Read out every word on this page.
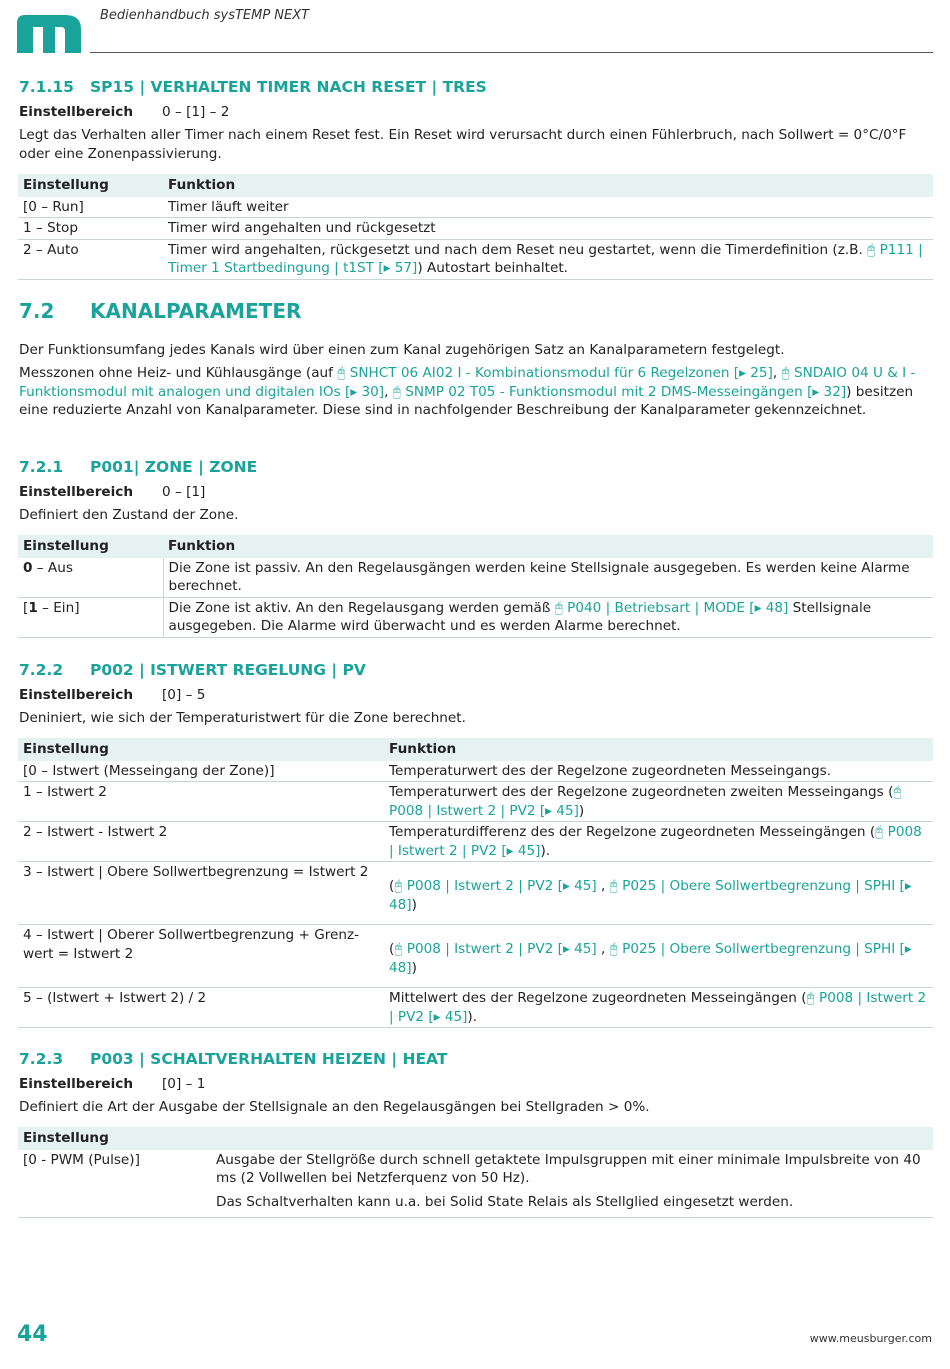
Bedienhandbuch sysTEMP NEXT
7.1.15 SP15 | VERHALTEN TIMER NACH RESET | TRES
Einstellbereich 0 – [1] – 2
Legt das Verhalten aller Timer nach einem Reset fest. Ein Reset wird verursacht durch einen Fühlerbruch, nach Sollwert = 0°C/0°F oder eine Zonenpassivierung.
Einstellung	Funktion
[0 – Run]	Timer läuft weiter
1 – Stop	Timer wird angehalten und rückgesetzt
2 – Auto	Timer wird angehalten, rückgesetzt und nach dem Reset neu gestartet, wenn die Timerdefinition (z.B. 🖰 P111 | Timer 1 Startbedingung | t1ST [▸ 57]) Autostart beinhaltet.
7.2 KANALPARAMETER
Der Funktionsumfang jedes Kanals wird über einen zum Kanal zugehörigen Satz an Kanalparametern festgelegt.
Messzonen ohne Heiz- und Kühlausgänge (auf 🖰 SNHCT 06 AI02 I - Kombinationsmodul für 6 Regelzonen [▸ 25], 🖰 SNDAIO 04 U & I - Funktionsmodul mit analogen und digitalen IOs [▸ 30], 🖰 SNMP 02 T05 - Funktionsmodul mit 2 DMS-Messeingängen [▸ 32]) besitzen eine reduzierte Anzahl von Kanalparameter. Diese sind in nachfolgender Beschreibung der Kanalparameter gekennzeichnet.
7.2.1 P001| ZONE | ZONE
Einstellbereich 0 – [1]
Definiert den Zustand der Zone.
Einstellung	Funktion
0 – Aus	Die Zone ist passiv. An den Regelausgängen werden keine Stellsignale ausgegeben. Es werden keine Alarme berechnet.
[1 – Ein]	Die Zone ist aktiv. An den Regelausgang werden gemäß 🖰 P040 | Betriebsart | MODE [▸ 48] Stellsignale ausgegeben. Die Alarme wird überwacht und es werden Alarme berechnet.
7.2.2 P002 | ISTWERT REGELUNG | PV
Einstellbereich [0] – 5
Deniniert, wie sich der Temperaturistwert für die Zone berechnet.
Einstellung	Funktion
[0 – Istwert (Messeingang der Zone)]	Temperaturwert des der Regelzone zugeordneten Messeingangs.
1 – Istwert 2	Temperaturwert des der Regelzone zugeordneten zweiten Messeingangs (🖰 P008 | Istwert 2 | PV2 [▸ 45])
2 – Istwert - Istwert 2	Temperaturdifferenz des der Regelzone zugeordneten Messeingängen (🖰 P008 | Istwert 2 | PV2 [▸ 45]).
3 – Istwert | Obere Sollwertbegrenzung = Istwert 2	(🖰 P008 | Istwert 2 | PV2 [▸ 45] , 🖰 P025 | Obere Sollwertbegrenzung | SPHI [▸ 48])
4 – Istwert | Oberer Sollwertbegrenzung + Grenzwert = Istwert 2	(🖰 P008 | Istwert 2 | PV2 [▸ 45] , 🖰 P025 | Obere Sollwertbegrenzung | SPHI [▸ 48])
5 – (Istwert + Istwert 2) / 2	Mittelwert des der Regelzone zugeordneten Messeingängen (🖰 P008 | Istwert 2 | PV2 [▸ 45]).
7.2.3 P003 | SCHALTVERHALTEN HEIZEN | HEAT
Einstellbereich [0] – 1
Definiert die Art der Ausgabe der Stellsignale an den Regelausgängen bei Stellgraden > 0%.
Einstellung
[0 - PWM (Pulse)]	Ausgabe der Stellgröße durch schnell getaktete Impulsgruppen mit einer minimale Impulsbreite von 40 ms (2 Vollwellen bei Netzferquenz von 50 Hz).
Das Schaltverhalten kann u.a. bei Solid State Relais als Stellglied eingesetzt werden.
44	www.meusburger.com
